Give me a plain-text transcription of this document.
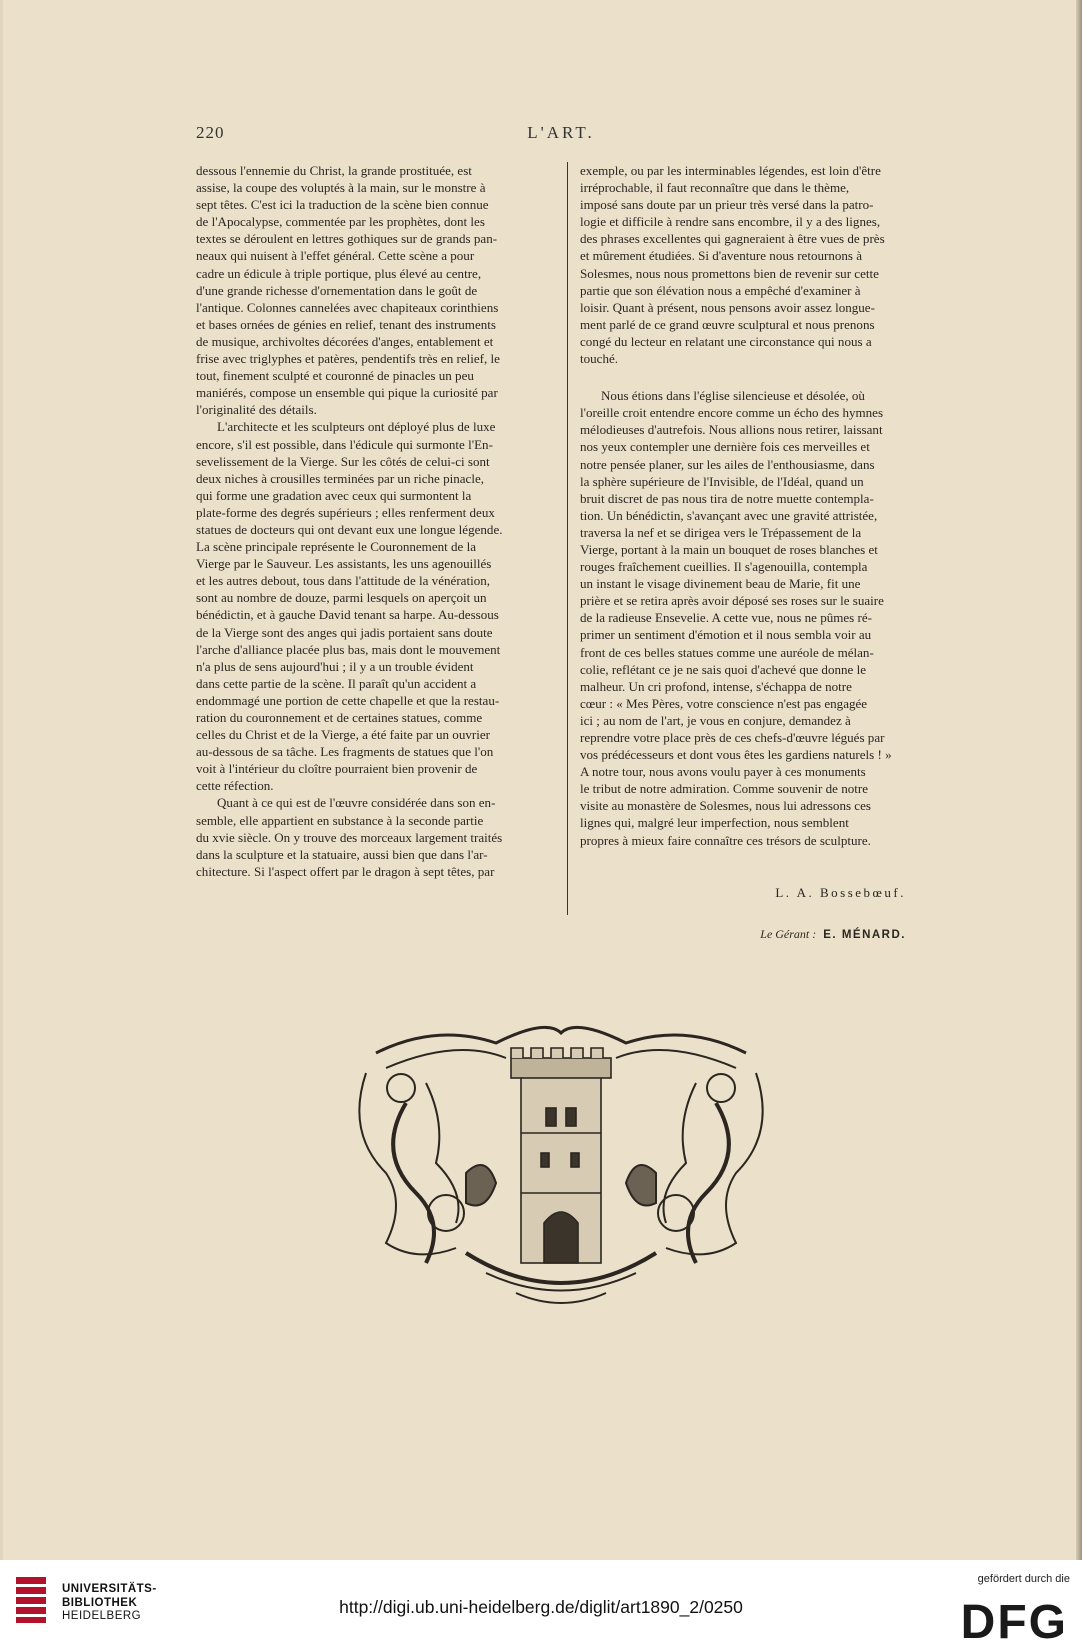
220	L'ART.

dessous l'ennemie du Christ, la grande prostituée, est
assise, la coupe des voluptés à la main, sur le monstre à
sept têtes. C'est ici la traduction de la scène bien connue
de l'Apocalypse, commentée par les prophètes, dont les
textes se déroulent en lettres gothiques sur de grands pan-
neaux qui nuisent à l'effet général. Cette scène a pour
cadre un édicule à triple portique, plus élevé au centre,
d'une grande richesse d'ornementation dans le goût de
l'antique. Colonnes cannelées avec chapiteaux corinthiens
et bases ornées de génies en relief, tenant des instruments
de musique, archivoltes décorées d'anges, entablement et
frise avec triglyphes et patères, pendentifs très en relief, le
tout, finement sculpté et couronné de pinacles un peu
maniérés, compose un ensemble qui pique la curiosité par
l'originalité des détails.

L'architecte et les sculpteurs ont déployé plus de luxe
encore, s'il est possible, dans l'édicule qui surmonte l'En-
sevelissement de la Vierge. Sur les côtés de celui-ci sont
deux niches à crousilles terminées par un riche pinacle,
qui forme une gradation avec ceux qui surmontent la
plate-forme des degrés supérieurs ; elles renferment deux
statues de docteurs qui ont devant eux une longue légende.
La scène principale représente le Couronnement de la
Vierge par le Sauveur. Les assistants, les uns agenouillés
et les autres debout, tous dans l'attitude de la vénération,
sont au nombre de douze, parmi lesquels on aperçoit un
bénédictin, et à gauche David tenant sa harpe. Au-dessous
de la Vierge sont des anges qui jadis portaient sans doute
l'arche d'alliance placée plus bas, mais dont le mouvement
n'a plus de sens aujourd'hui ; il y a un trouble évident
dans cette partie de la scène. Il paraît qu'un accident a
endommagé une portion de cette chapelle et que la restau-
ration du couronnement et de certaines statues, comme
celles du Christ et de la Vierge, a été faite par un ouvrier
au-dessous de sa tâche. Les fragments de statues que l'on
voit à l'intérieur du cloître pourraient bien provenir de
cette réfection.

Quant à ce qui est de l'œuvre considérée dans son en-
semble, elle appartient en substance à la seconde partie
du xvie siècle. On y trouve des morceaux largement traités
dans la sculpture et la statuaire, aussi bien que dans l'ar-
chitecture. Si l'aspect offert par le dragon à sept têtes, par

exemple, ou par les interminables légendes, est loin d'être
irréprochable, il faut reconnaître que dans le thème,
imposé sans doute par un prieur très versé dans la patro-
logie et difficile à rendre sans encombre, il y a des lignes,
des phrases excellentes qui gagneraient à être vues de près
et mûrement étudiées. Si d'aventure nous retournons à
Solesmes, nous nous promettons bien de revenir sur cette
partie que son élévation nous a empêché d'examiner à
loisir. Quant à présent, nous pensons avoir assez longue-
ment parlé de ce grand œuvre sculptural et nous prenons
congé du lecteur en relatant une circonstance qui nous a
touché.

Nous étions dans l'église silencieuse et désolée, où
l'oreille croit entendre encore comme un écho des hymnes
mélodieuses d'autrefois. Nous allions nous retirer, laissant
nos yeux contempler une dernière fois ces merveilles et
notre pensée planer, sur les ailes de l'enthousiasme, dans
la sphère supérieure de l'Invisible, de l'Idéal, quand un
bruit discret de pas nous tira de notre muette contempla-
tion. Un bénédictin, s'avançant avec une gravité attristée,
traversa la nef et se dirigea vers le Trépassement de la
Vierge, portant à la main un bouquet de roses blanches et
rouges fraîchement cueillies. Il s'agenouilla, contempla
un instant le visage divinement beau de Marie, fit une
prière et se retira après avoir déposé ses roses sur le suaire
de la radieuse Ensevelie. A cette vue, nous ne pûmes ré-
primer un sentiment d'émotion et il nous sembla voir au
front de ces belles statues comme une auréole de mélan-
colie, reflétant ce je ne sais quoi d'achevé que donne le
malheur. Un cri profond, intense, s'échappa de notre
cœur : « Mes Pères, votre conscience n'est pas engagée
ici ; au nom de l'art, je vous en conjure, demandez à
reprendre votre place près de ces chefs-d'œuvre légués par
vos prédécesseurs et dont vous êtes les gardiens naturels ! »
A notre tour, nous avons voulu payer à ces monuments
le tribut de notre admiration. Comme souvenir de notre
visite au monastère de Solesmes, nous lui adressons ces
lignes qui, malgré leur imperfection, nous semblent
propres à mieux faire connaître ces trésors de sculpture.

L. A. Bossebœuf.
Le Gérant : E. MÉNARD.
UNIVERSITÄTS-
BIBLIOTHEK
HEIDELBERG	http://digi.ub.uni-heidelberg.de/diglit/art1890_2/0250
gefördert durch die
DFG
